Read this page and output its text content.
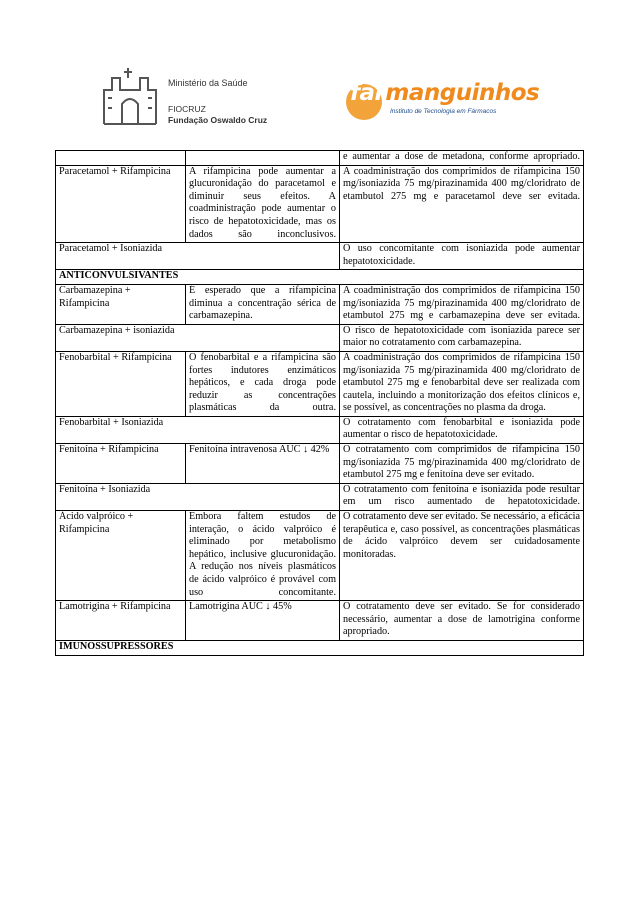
Ministério da Saúde
FIOCRUZ
Fundação Oswaldo Cruz
farmanguinhos
Instituto de Tecnologia em Fármacos
		e aumentar a dose de metadona, conforme apropriado.
Paracetamol + Rifampicina	A rifampicina pode aumentar a glucuronidação do paracetamol e diminuir seus efeitos. A coadministração pode aumentar o risco de hepatotoxicidade, mas os dados são inconclusivos.	A coadministração dos comprimidos de rifampicina 150 mg/isoniazida 75 mg/pirazinamida 400 mg/cloridrato de etambutol 275 mg e paracetamol deve ser evitada.
Paracetamol + Isoniazida		O uso concomitante com isoniazida pode aumentar hepatotoxicidade.
ANTICONVULSIVANTES		
Carbamazepina + Rifampicina	É esperado que a rifampicina diminua a concentração sérica de carbamazepina.	A coadministração dos comprimidos de rifampicina 150 mg/isoniazida 75 mg/pirazinamida 400 mg/cloridrato de etambutol 275 mg e carbamazepina deve ser evitada.
Carbamazepina + isoniazida		O risco de hepatotoxicidade com isoniazida parece ser maior no cotratamento com carbamazepina.
Fenobarbital + Rifampicina	O fenobarbital e a rifampicina são fortes indutores enzimáticos hepáticos, e cada droga pode reduzir as concentrações plasmáticas da outra.	A coadministração dos comprimidos de rifampicina 150 mg/isoniazida 75 mg/pirazinamida 400 mg/cloridrato de etambutol 275 mg e fenobarbital deve ser realizada com cautela, incluindo a monitorização dos efeitos clínicos e, se possível, as concentrações no plasma da droga.
Fenobarbital + Isoniazida		O cotratamento com fenobarbital e isoniazida pode aumentar o risco de hepatotoxicidade.
Fenitoína + Rifampicina	Fenitoína intravenosa AUC ↓ 42%	O cotratamento com comprimidos de rifampicina 150 mg/isoniazida 75 mg/pirazinamida 400 mg/cloridrato de etambutol 275 mg e fenitoína deve ser evitado.
Fenitoína + Isoniazida		O cotratamento com fenitoína e isoniazida pode resultar em um risco aumentado de hepatotoxicidade.
Ácido valpróico + Rifampicina	Embora faltem estudos de interação, o ácido valpróico é eliminado por metabolismo hepático, inclusive glucuronidação. A redução nos níveis plasmáticos de ácido valpróico é provável com uso concomitante.	O cotratamento deve ser evitado. Se necessário, a eficácia terapêutica e, caso possível, as concentrações plasmáticas de ácido valpróico devem ser cuidadosamente monitoradas.
Lamotrigina + Rifampicina	Lamotrigina AUC ↓ 45%	O cotratamento deve ser evitado. Se for considerado necessário, aumentar a dose de lamotrigina conforme apropriado.
IMUNOSSUPRESSORES		
